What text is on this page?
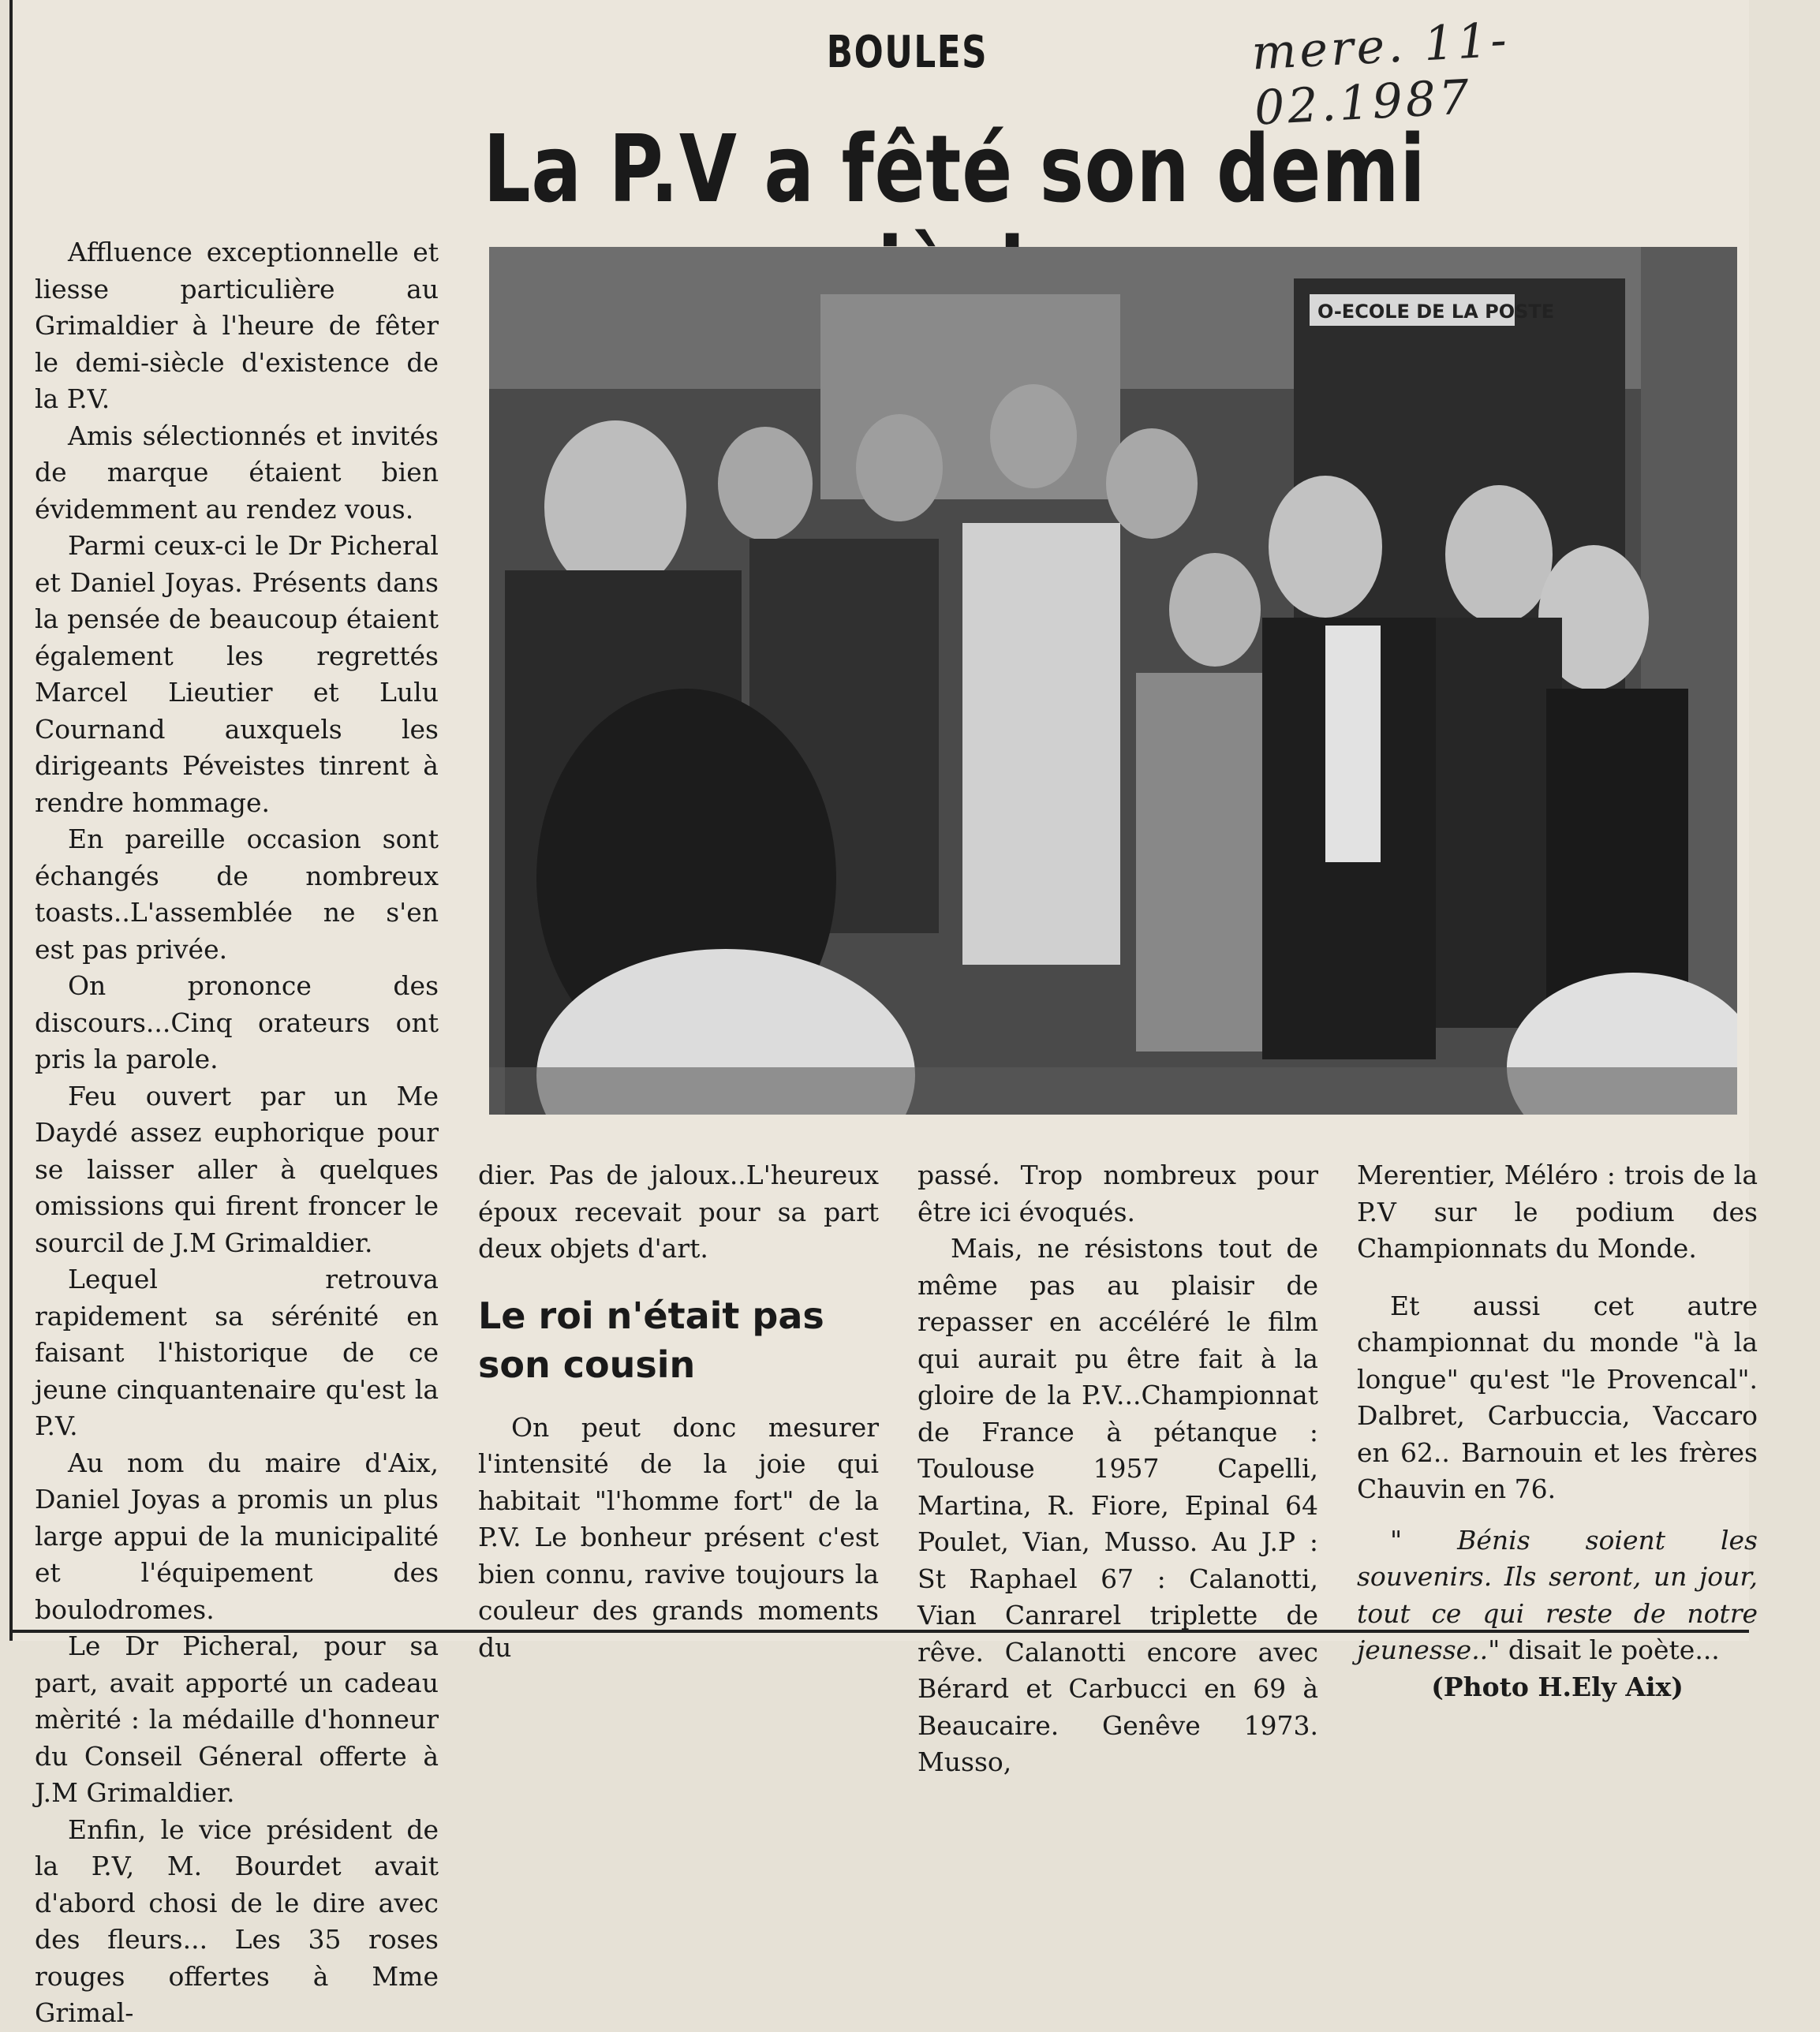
mere. 11-02.1987
BOULES
La P.V a fêté son demi

Affluence exceptionnelle et liesse particulière au Grimaldier à l'heure de fêter le demi-siècle d'existence de la P.V.

Amis sélectionnés et invités de marque étaient bien évidemment au rendez vous.

Parmi ceux-ci le Dr Picheral et Daniel Joyas. Présents dans la pensée de beaucoup étaient également les regrettés Marcel Lieutier et Lulu Cournand auxquels les dirigeants Péveistes tinrent à rendre hommage.

En pareille occasion sont échangés de nombreux toasts..L'assemblée ne s'en est pas privée.

On prononce des discours...Cinq orateurs ont pris la parole.

Feu ouvert par un Me Daydé assez euphorique pour se laisser aller à quelques omissions qui firent froncer le sourcil de J.M Grimaldier.

Lequel retrouva rapidement sa sérénité en faisant l'historique de ce jeune cinquantenaire qu'est la P.V.

Au nom du maire d'Aix, Daniel Joyas a promis un plus large appui de la municipalité et l'équipement des boulodromes.

Le Dr Picheral, pour sa part, avait apporté un cadeau mèrité : la médaille d'honneur du Conseil Géneral offerte à J.M Grimaldier.

Enfin, le vice président de la P.V, M. Bourdet avait d'abord chosi de le dire avec des fleurs... Les 35 roses rouges offertes à Mme Grimal-

O-ECOLE DE LA POSTE

dier. Pas de jaloux..L'heureux époux recevait pour sa part deux objets d'art.

Le roi n'était pas son cousin

On peut donc mesurer l'intensité de la joie qui habitait "l'homme fort" de la P.V. Le bonheur présent c'est bien connu, ravive toujours la couleur des grands moments du

passé. Trop nombreux pour être ici évoqués.

Mais, ne résistons tout de même pas au plaisir de repasser en accéléré le film qui aurait pu être fait à la gloire de la P.V...Championnat de France à pétanque : Toulouse 1957 Capelli, Martina, R. Fiore, Epinal 64 Poulet, Vian, Musso. Au J.P : St Raphael 67 : Calanotti, Vian Canrarel triplette de rêve. Calanotti encore avec Bérard et Carbucci en 69 à Beaucaire. Genêve 1973. Musso,

Merentier, Méléro : trois de la P.V sur le podium des Championnats du Monde.

Et aussi cet autre championnat du monde "à la longue" qu'est "le Provencal". Dalbret, Carbuccia, Vaccaro en 62.. Barnouin et les frères Chauvin en 76.

" Bénis soient les souvenirs. Ils seront, un jour, tout ce qui reste de notre jeunesse.." disait le poète...

(Photo H.Ely Aix)
